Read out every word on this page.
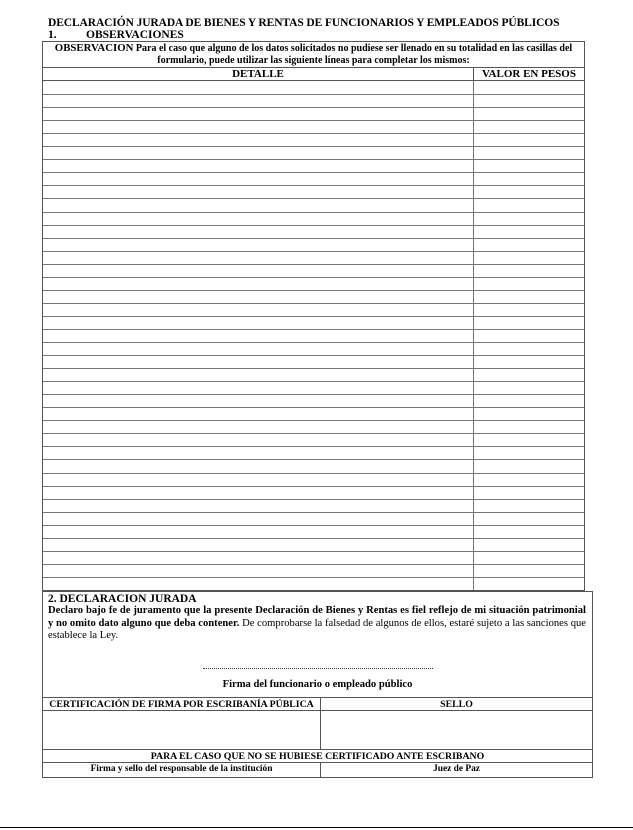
DECLARACIÓN JURADA DE BIENES Y RENTAS DE FUNCIONARIOS Y EMPLEADOS PÚBLICOS
1.	OBSERVACIONES
OBSERVACION Para el caso que alguno de los datos solicitados no pudiese ser llenado en su totalidad en las casillas del formulario, puede utilizar las siguiente líneas para completar los mismos:
DETALLE	VALOR EN PESOS
2. DECLARACION JURADA
Declaro bajo fe de juramento que la presente Declaración de Bienes y Rentas es fiel reflejo de mi situación patrimonial y no omito dato alguno que deba contener. De comprobarse la falsedad de algunos de ellos, estaré sujeto a las sanciones que establece la Ley.
Firma del funcionario o empleado público
CERTIFICACIÓN DE FIRMA POR ESCRIBANÍA PÚBLICA	SELLO
PARA EL CASO QUE NO SE HUBIESE CERTIFICADO ANTE ESCRIBANO
Firma y sello del responsable de la institución	Juez de Paz
